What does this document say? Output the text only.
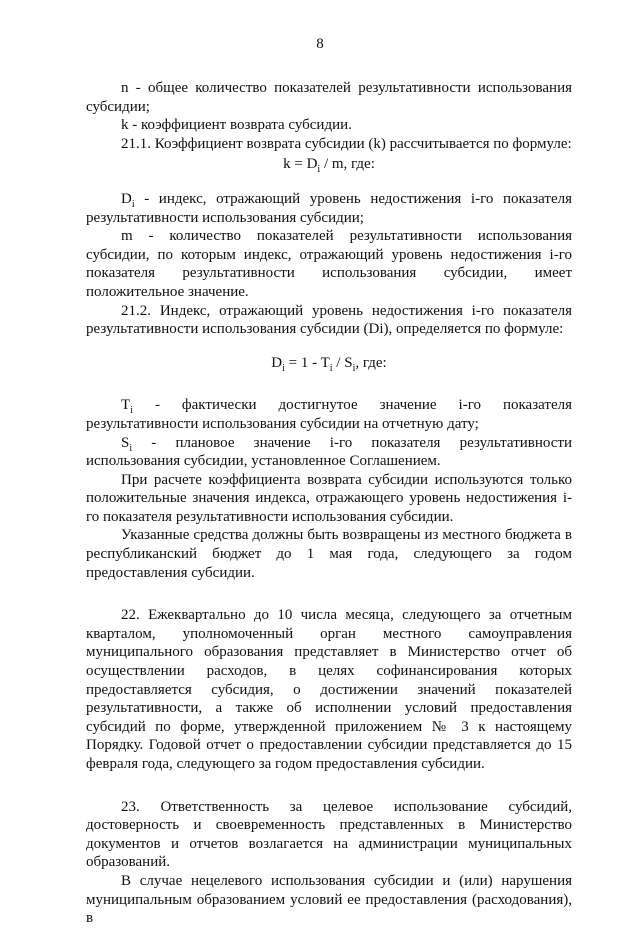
8

n - общее количество показателей результативности использования субсидии;

k - коэффициент возврата субсидии.

21.1. Коэффициент возврата субсидии (k) рассчитывается по формуле:

$k = D_i / m$, где:

$D_i$ - индекс, отражающий уровень недостижения i-го показателя результативности использования субсидии;

m - количество показателей результативности использования субсидии, по которым индекс, отражающий уровень недостижения i-го показателя результативности использования субсидии, имеет положительное значение.

21.2. Индекс, отражающий уровень недостижения i-го показателя результативности использования субсидии (Di), определяется по формуле:

$D_i = 1 - T_i / S_i$, где:

$T_i$ - фактически достигнутое значение i-го показателя результативности использования субсидии на отчетную дату;

$S_i$ - плановое значение i-го показателя результативности использования субсидии, установленное Соглашением.

При расчете коэффициента возврата субсидии используются только положительные значения индекса, отражающего уровень недостижения i-го показателя результативности использования субсидии.

Указанные средства должны быть возвращены из местного бюджета в республиканский бюджет до 1 мая года, следующего за годом предоставления субсидии.

22. Ежеквартально до 10 числа месяца, следующего за отчетным кварталом, уполномоченный орган местного самоуправления муниципального образования представляет в Министерство отчет об осуществлении расходов, в целях софинансирования которых предоставляется субсидия, о достижении значений показателей результативности, а также об исполнении условий предоставления субсидий по форме, утвержденной приложением № 3 к настоящему Порядку. Годовой отчет о предоставлении субсидии представляется до 15 февраля года, следующего за годом предоставления субсидии.

23. Ответственность за целевое использование субсидий, достоверность и своевременность представленных в Министерство документов и отчетов возлагается на администрации муниципальных образований.

В случае нецелевого использования субсидии и (или) нарушения муниципальным образованием условий ее предоставления (расходования), в
